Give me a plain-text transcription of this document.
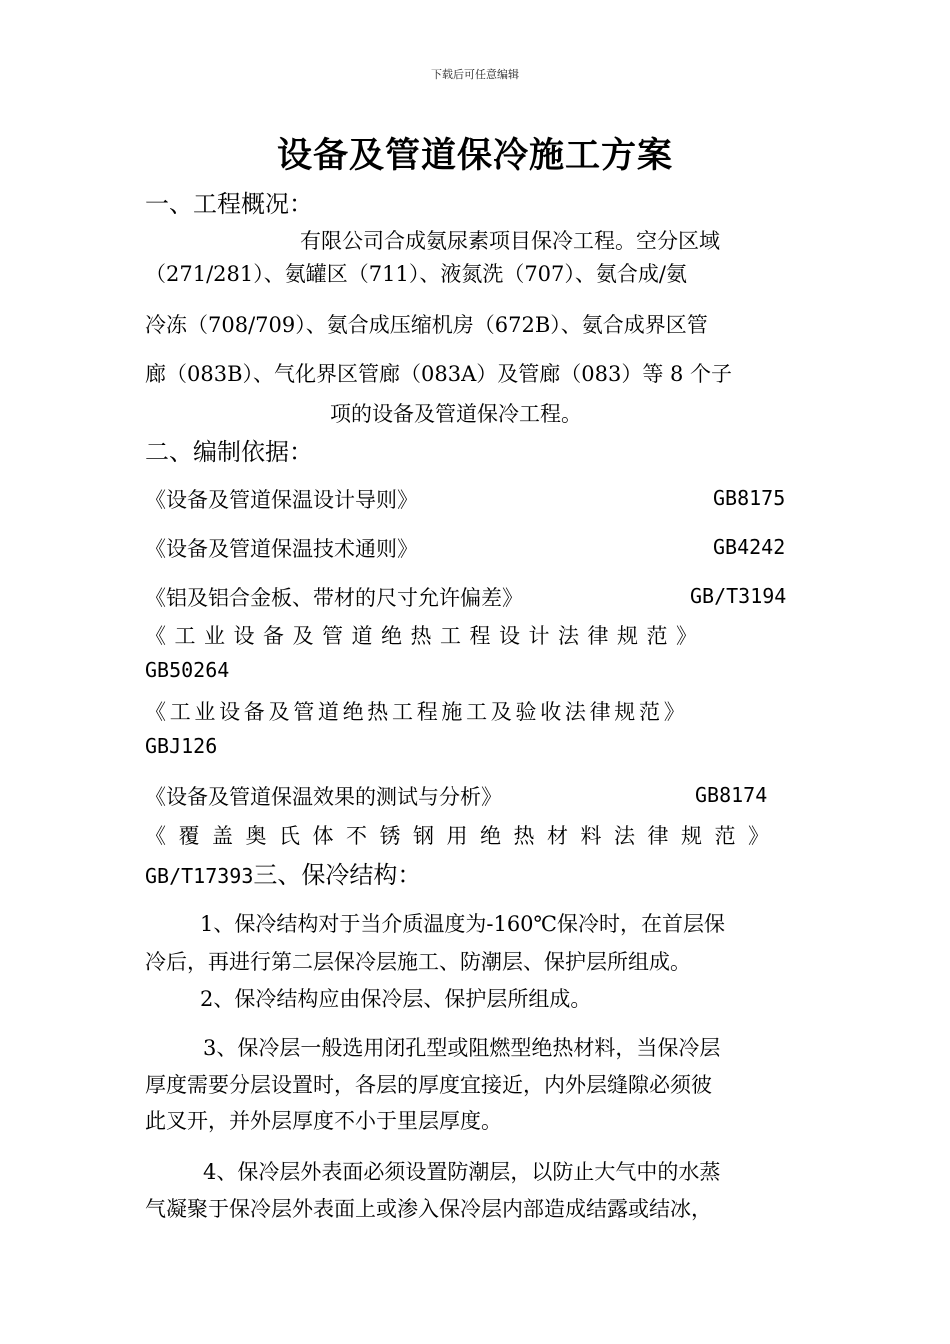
下载后可任意编辑
设备及管道保冷施工方案
一、工程概况：
有限公司合成氨尿素项目保冷工程。空分区域
（271/281）、氨罐区（711）、液氮洗（707）、氨合成/氨
冷冻（708/709）、氨合成压缩机房（672B）、氨合成界区管
廊（083B）、气化界区管廊（083A）及管廊（083）等 8 个子
项的设备及管道保冷工程。
二、编制依据：
《设备及管道保温设计导则》	GB8175
《设备及管道保温技术通则》	GB4242
《铝及铝合金板、带材的尺寸允许偏差》	GB/T3194
《工业设备及管道绝热工程设计法律规范》
GB50264
《工业设备及管道绝热工程施工及验收法律规范》
GBJ126
《设备及管道保温效果的测试与分析》	GB8174
《覆盖奥氏体不锈钢用绝热材料法律规范》
GB/T17393三、保冷结构：
1、保冷结构对于当介质温度为-160℃保冷时，在首层保
冷后，再进行第二层保冷层施工、防潮层、保护层所组成。
2、保冷结构应由保冷层、保护层所组成。
3、保冷层一般选用闭孔型或阻燃型绝热材料，当保冷层
厚度需要分层设置时，各层的厚度宜接近，内外层缝隙必须彼
此叉开，并外层厚度不小于里层厚度。
4、保冷层外表面必须设置防潮层，以防止大气中的水蒸
气凝聚于保冷层外表面上或渗入保冷层内部造成结露或结冰，
